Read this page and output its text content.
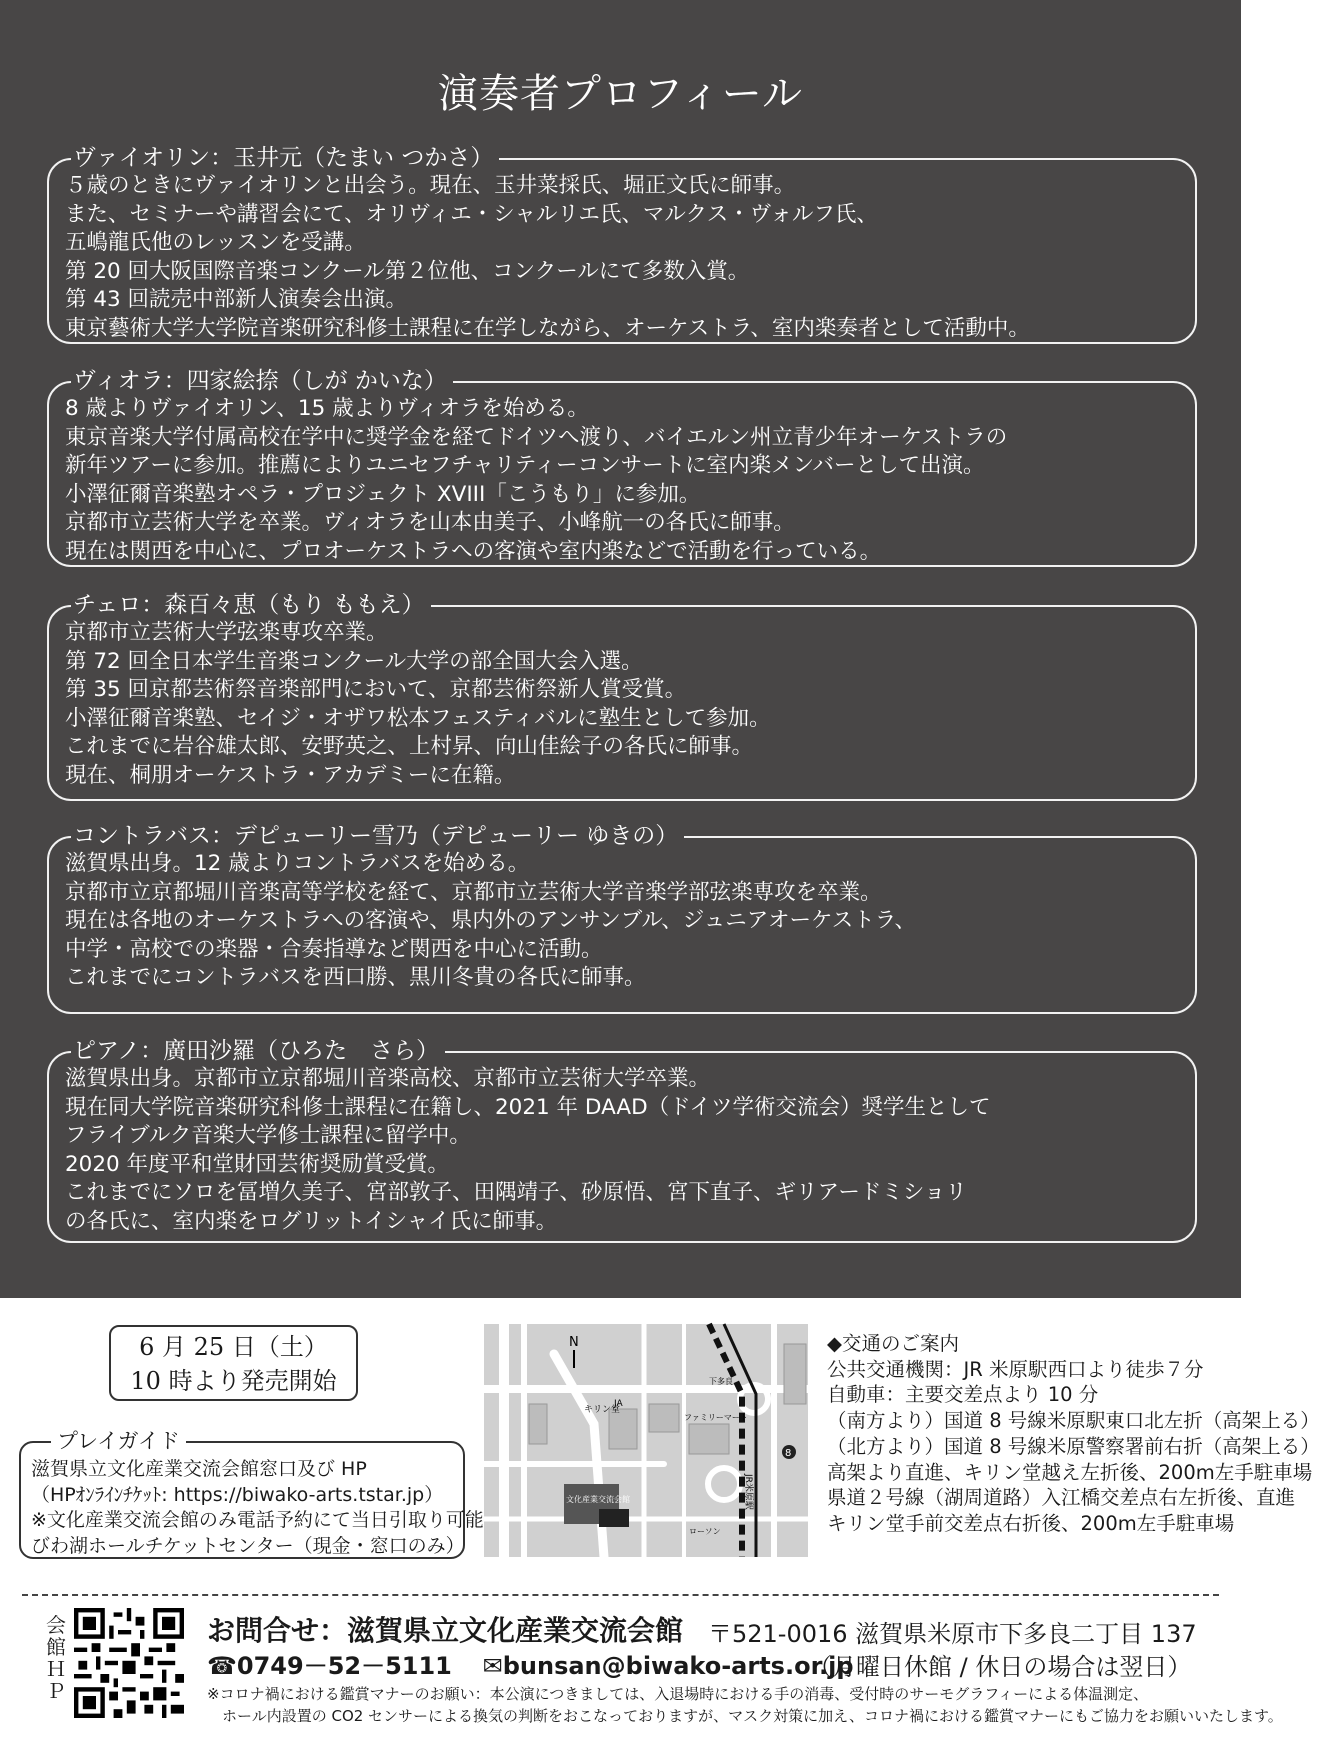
演奏者プロフィール
ヴァイオリン：玉井元（たまい つかさ）
５歳のときにヴァイオリンと出会う。現在、玉井菜採氏、堀正文氏に師事。
また、セミナーや講習会にて、オリヴィエ・シャルリエ氏、マルクス・ヴォルフ氏、
五嶋龍氏他のレッスンを受講。
第 20 回大阪国際音楽コンクール第２位他、コンクールにて多数入賞。
第 43 回読売中部新人演奏会出演。
東京藝術大学大学院音楽研究科修士課程に在学しながら、オーケストラ、室内楽奏者として活動中。
ヴィオラ：四家絵捺（しが かいな）
8 歳よりヴァイオリン、15 歳よりヴィオラを始める。
東京音楽大学付属高校在学中に奨学金を経てドイツへ渡り、バイエルン州立青少年オーケストラの
新年ツアーに参加。推薦によりユニセフチャリティーコンサートに室内楽メンバーとして出演。
小澤征爾音楽塾オペラ・プロジェクト XVIII「こうもり」に参加。
京都市立芸術大学を卒業。ヴィオラを山本由美子、小峰航一の各氏に師事。
現在は関西を中心に、プロオーケストラへの客演や室内楽などで活動を行っている。
チェロ：森百々恵（もり ももえ）
京都市立芸術大学弦楽専攻卒業。
第 72 回全日本学生音楽コンクール大学の部全国大会入選。
第 35 回京都芸術祭音楽部門において、京都芸術祭新人賞受賞。
小澤征爾音楽塾、セイジ・オザワ松本フェスティバルに塾生として参加。
これまでに岩谷雄太郎、安野英之、上村昇、向山佳絵子の各氏に師事。
現在、桐朋オーケストラ・アカデミーに在籍。
コントラバス：デピューリー雪乃（デピューリー ゆきの）
滋賀県出身。12 歳よりコントラバスを始める。
京都市立京都堀川音楽高等学校を経て、京都市立芸術大学音楽学部弦楽専攻を卒業。
現在は各地のオーケストラへの客演や、県内外のアンサンブル、ジュニアオーケストラ、
中学・高校での楽器・合奏指導など関西を中心に活動。
これまでにコントラバスを西口勝、黒川冬貴の各氏に師事。
ピアノ：廣田沙羅（ひろた　さら）
滋賀県出身。京都市立京都堀川音楽高校、京都市立芸術大学卒業。
現在同大学院音楽研究科修士課程に在籍し、2021 年 DAAD（ドイツ学術交流会）奨学生として
フライブルク音楽大学修士課程に留学中。
2020 年度平和堂財団芸術奨励賞受賞。
これまでにソロを冨増久美子、宮部敦子、田隅靖子、砂原悟、宮下直子、ギリアードミショリ
の各氏に、室内楽をログリットイシャイ氏に師事。
6 月 25 日（土）
10 時より発売開始
プレイガイド
滋賀県立文化産業交流会館窓口及び HP
（HPｵﾝﾗｲﾝﾁｹｯﾄ: https://biwako-arts.tstar.jp）
※文化産業交流会館のみ電話予約にて当日引取り可能
びわ湖ホールチケットセンター（現金・窓口のみ）
8
N
キリン堂
JA
ファミリーマート
下多良
文化産業交流会館
ローソン
JR米原駅
◆交通のご案内
公共交通機関：JR 米原駅西口より徒歩７分
自動車：主要交差点より 10 分
（南方より）国道 8 号線米原駅東口北左折（高架上る）
（北方より）国道 8 号線米原警察署前右折（高架上る）
高架より直進、キリン堂越え左折後、200m左手駐車場
県道２号線（湖周道路）入江橋交差点右左折後、直進
キリン堂手前交差点右折後、200m左手駐車場
会館ＨＰ
お問合せ：滋賀県立文化産業交流会館
☎0749－52－5111 ✉bunsan@biwako-arts.or.jp
〒521-0016 滋賀県米原市下多良二丁目 137
（月曜日休館 / 休日の場合は翌日）
※コロナ禍における鑑賞マナーのお願い：本公演につきましては、入退場時における手の消毒、受付時のサーモグラフィーによる体温測定、
　ホール内設置の CO2 センサーによる換気の判断をおこなっておりますが、マスク対策に加え、コロナ禍における鑑賞マナーにもご協力をお願いいたします。
